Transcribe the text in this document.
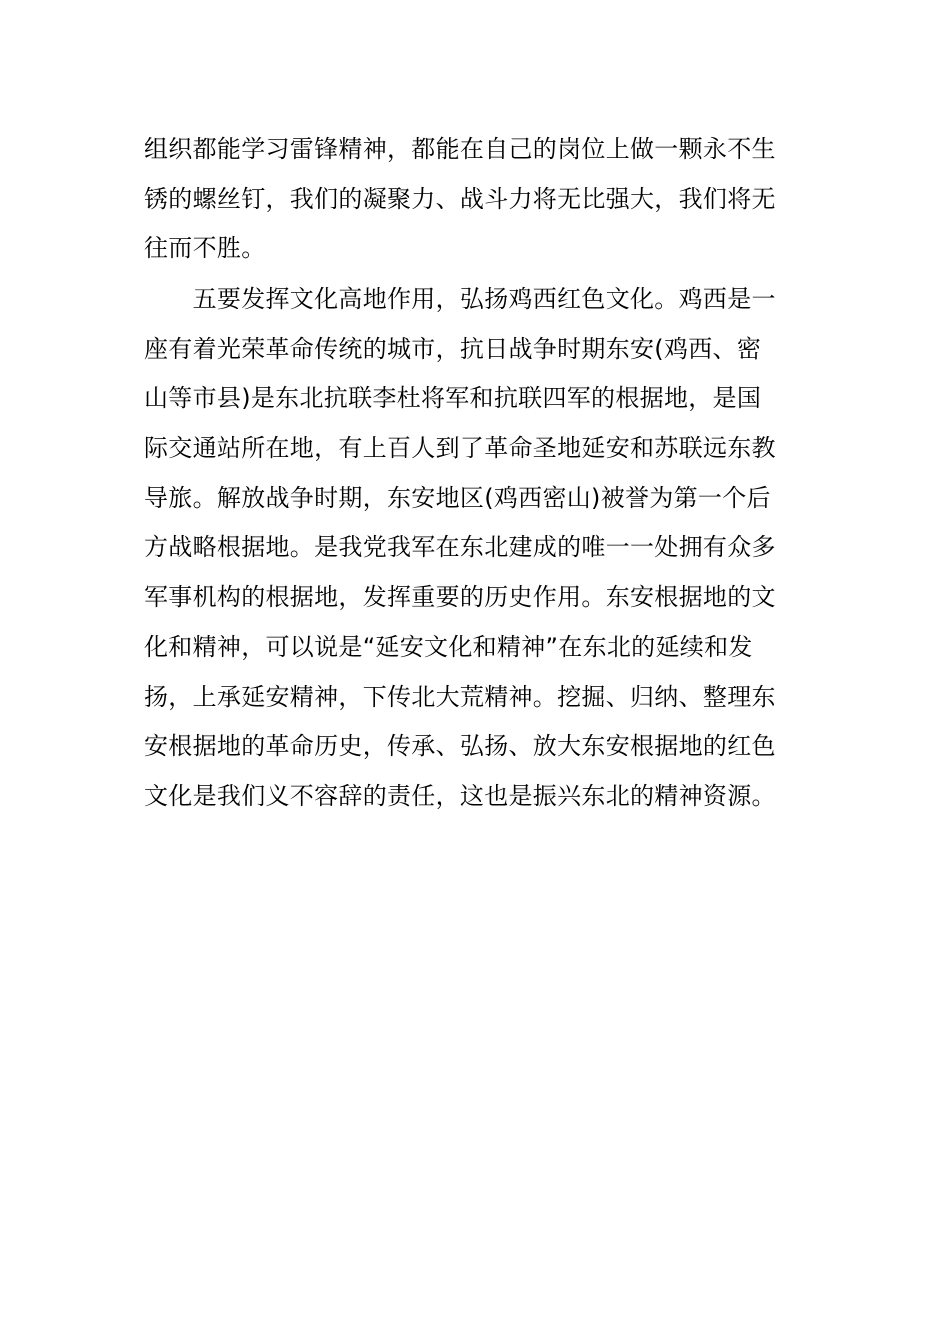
组织都能学习雷锋精神，都能在自己的岗位上做一颗永不生
锈的螺丝钉，我们的凝聚力、战斗力将无比强大，我们将无
往而不胜。
　　五要发挥文化高地作用，弘扬鸡西红色文化。鸡西是一
座有着光荣革命传统的城市，抗日战争时期东安(鸡西、密
山等市县)是东北抗联李杜将军和抗联四军的根据地，是国
际交通站所在地，有上百人到了革命圣地延安和苏联远东教
导旅。解放战争时期，东安地区(鸡西密山)被誉为第一个后
方战略根据地。是我党我军在东北建成的唯一一处拥有众多
军事机构的根据地，发挥重要的历史作用。东安根据地的文
化和精神，可以说是“延安文化和精神”在东北的延续和发
扬，上承延安精神，下传北大荒精神。挖掘、归纳、整理东
安根据地的革命历史，传承、弘扬、放大东安根据地的红色
文化是我们义不容辞的责任，这也是振兴东北的精神资源。
